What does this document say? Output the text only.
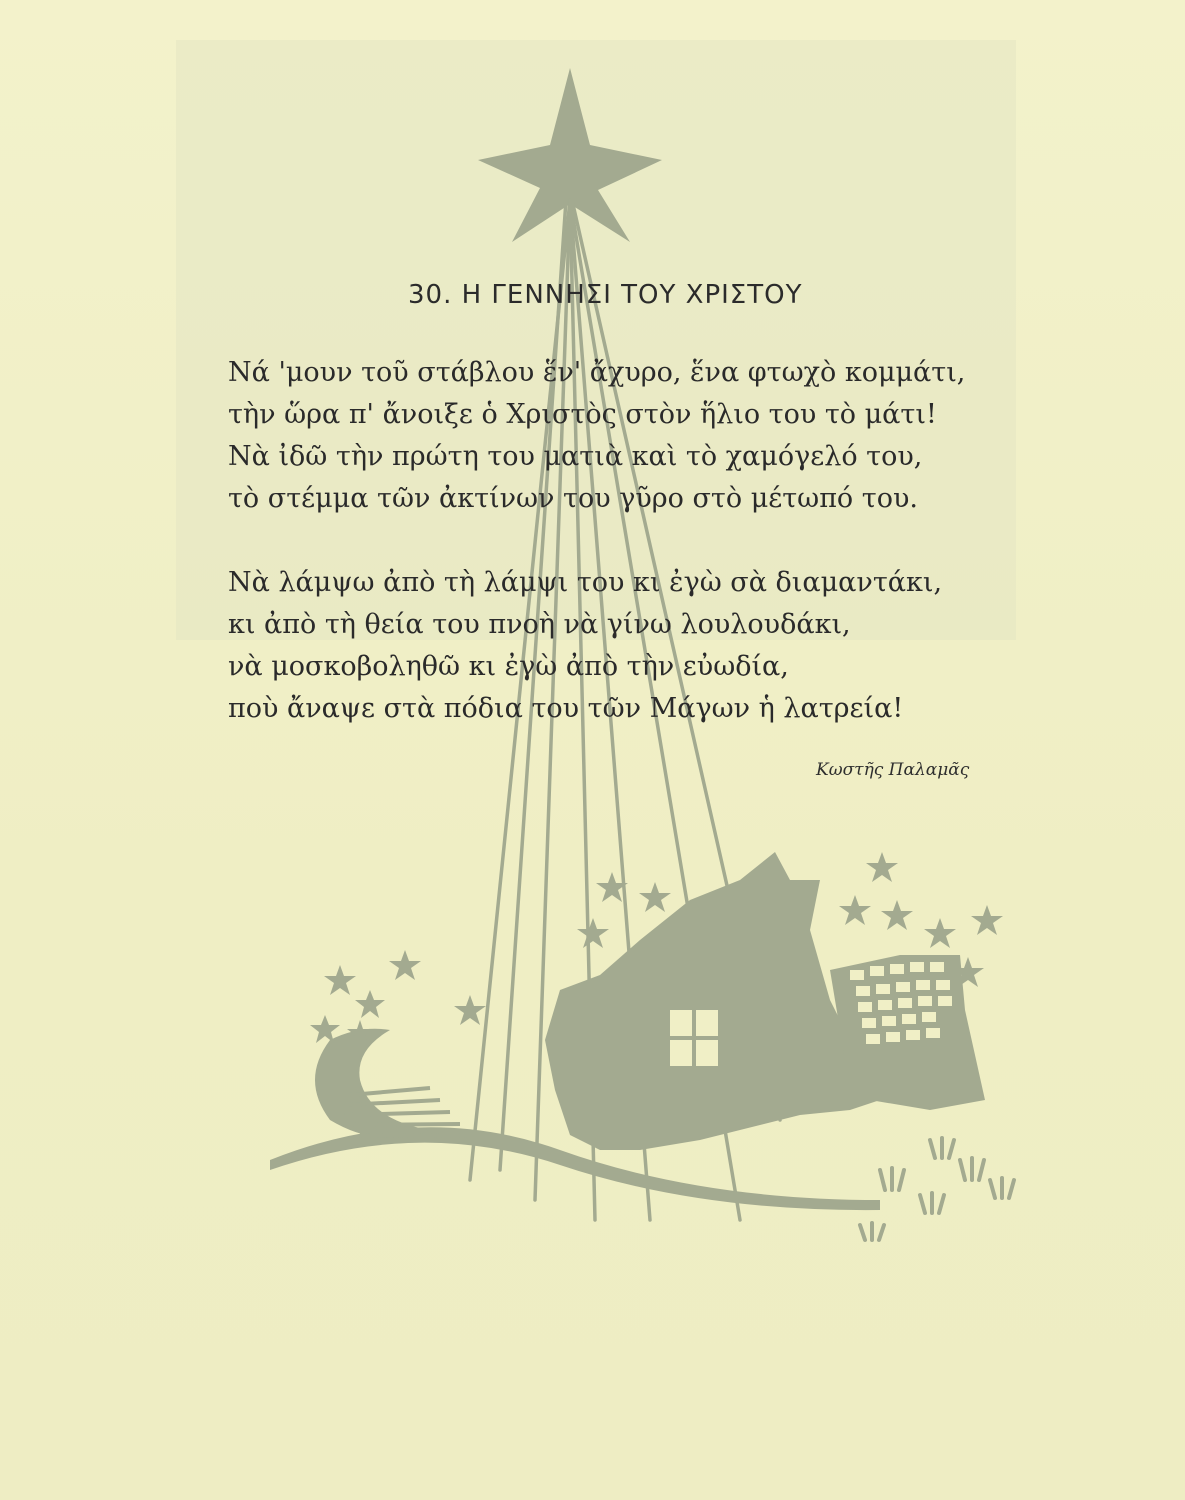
30. Η ΓΕΝΝΗΣΙ ΤΟΥ ΧΡΙΣΤΟΥ
Νά 'μουν τοῦ στάβλου ἕν' ἄχυρο, ἕνα φτωχὸ κομμάτι,
τὴν ὥρα π' ἄνοιξε ὁ Χριστὸς στὸν ἥλιο του τὸ μάτι!
Νὰ ἰδῶ τὴν πρώτη του ματιὰ καὶ τὸ χαμόγελό του,
τὸ στέμμα τῶν ἀκτίνων του γῦρο στὸ μέτωπό του.
Νὰ λάμψω ἀπὸ τὴ λάμψι του κι ἐγὼ σὰ διαμαντάκι,
κι ἀπὸ τὴ θεία του πνοὴ νὰ γίνω λουλουδάκι,
νὰ μοσκοβοληθῶ κι ἐγὼ ἀπὸ τὴν εὐωδία,
ποὺ ἄναψε στὰ πόδια του τῶν Μάγων ἡ λατρεία!
Κωστῆς Παλαμᾶς
